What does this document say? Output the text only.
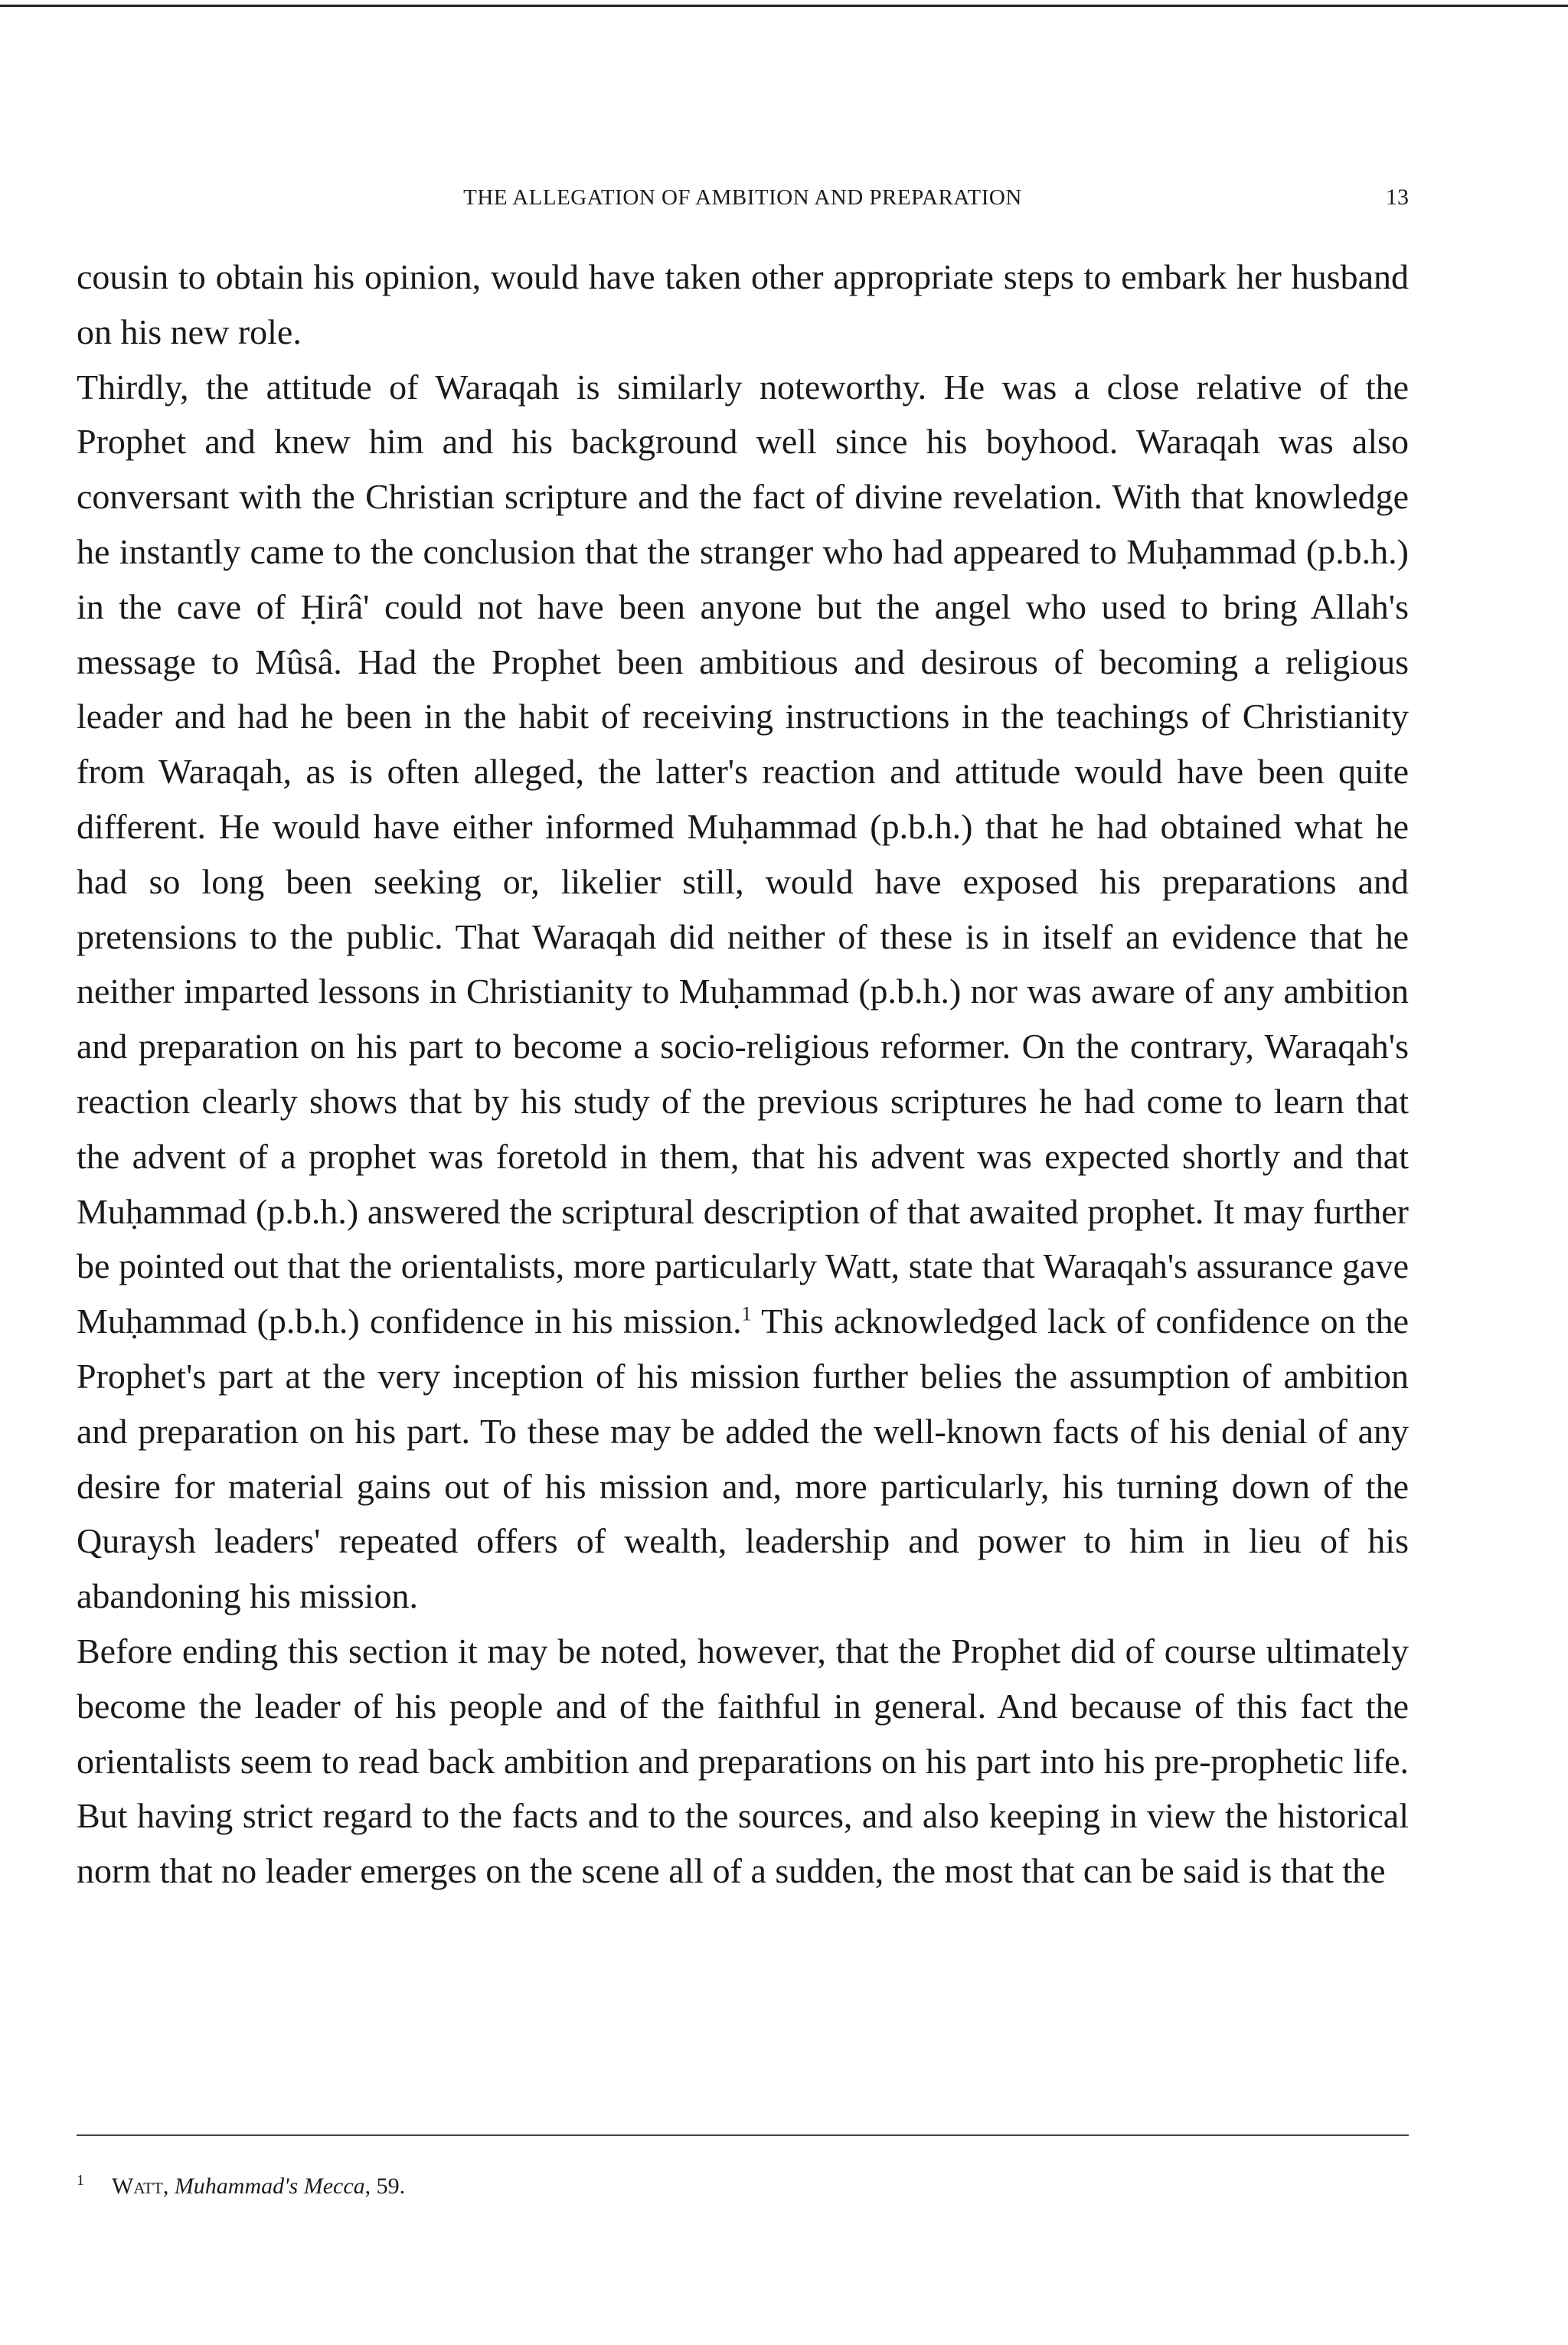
THE ALLEGATION OF AMBITION AND PREPARATION	13

cousin to obtain his opinion, would have taken other appropriate steps to embark her husband on his new role.

Thirdly, the attitude of Waraqah is similarly noteworthy. He was a close relative of the Prophet and knew him and his background well since his boyhood. Waraqah was also conversant with the Christian scripture and the fact of divine revelation. With that knowledge he instantly came to the conclusion that the stranger who had appeared to Muḥammad (p.b.h.) in the cave of Ḥirâ' could not have been anyone but the angel who used to bring Allah's message to Mûsâ. Had the Prophet been ambitious and desirous of becoming a religious leader and had he been in the habit of receiving instructions in the teachings of Christianity from Waraqah, as is often alleged, the latter's reaction and attitude would have been quite different. He would have either informed Muḥammad (p.b.h.) that he had obtained what he had so long been seeking or, likelier still, would have exposed his preparations and pretensions to the public. That Waraqah did neither of these is in itself an evidence that he neither imparted lessons in Christianity to Muḥammad (p.b.h.) nor was aware of any ambition and preparation on his part to become a socio-religious reformer. On the contrary, Waraqah's reaction clearly shows that by his study of the previous scriptures he had come to learn that the advent of a prophet was foretold in them, that his advent was expected shortly and that Muḥammad (p.b.h.) answered the scriptural description of that awaited prophet. It may further be pointed out that the orientalists, more particularly Watt, state that Waraqah's assurance gave Muḥammad (p.b.h.) confidence in his mission.$^1$ This acknowledged lack of confidence on the Prophet's part at the very inception of his mission further belies the assumption of ambition and preparation on his part. To these may be added the well-known facts of his denial of any desire for material gains out of his mission and, more particularly, his turning down of the Quraysh leaders' repeated offers of wealth, leadership and power to him in lieu of his abandoning his mission.

Before ending this section it may be noted, however, that the Prophet did of course ultimately become the leader of his people and of the faithful in general. And because of this fact the orientalists seem to read back ambition and preparations on his part into his pre-prophetic life. But having strict regard to the facts and to the sources, and also keeping in view the historical norm that no leader emerges on the scene all of a sudden, the most that can be said is that the

$^1$ Watt, Muhammad's Mecca, 59.
